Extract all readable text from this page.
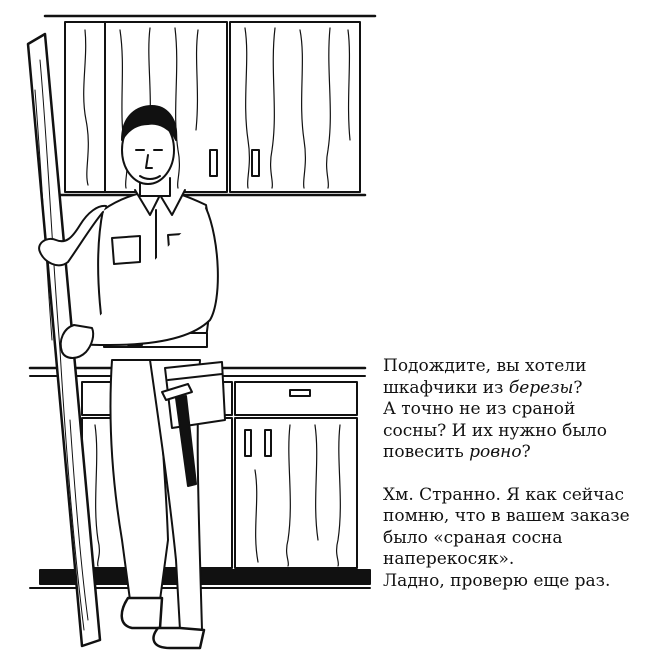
Подождите, вы хотели
шкафчики из березы?
А точно не из сраной
сосны? И их нужно было
повесить ровно?

Хм. Странно. Я как сейчас
помню, что в вашем заказе
было «сраная сосна
наперекосяк».
Ладно, проверю еще раз.
